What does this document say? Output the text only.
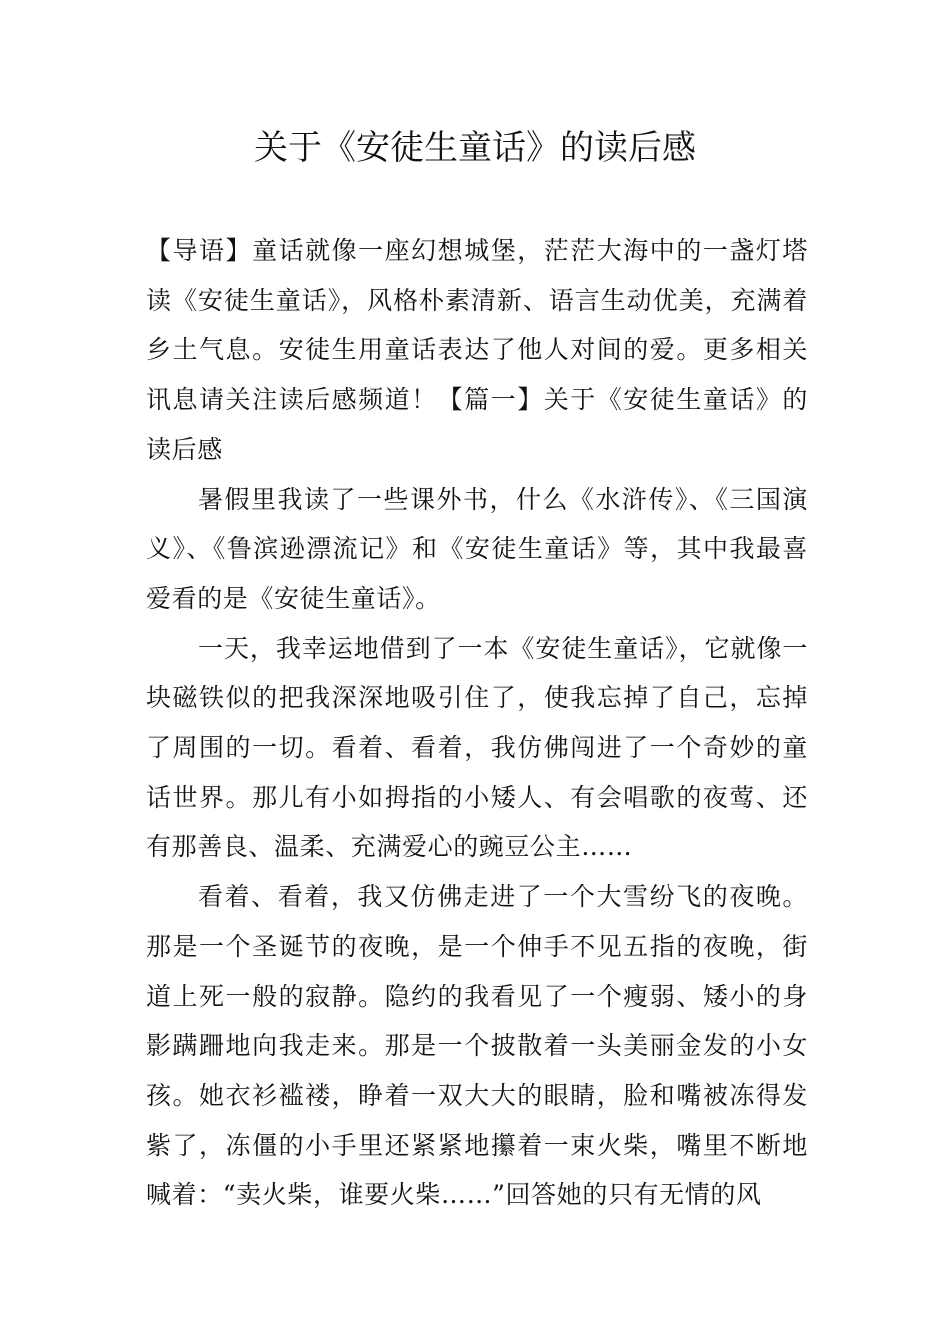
关于《安徒生童话》的读后感

【导语】童话就像一座幻想城堡，茫茫大海中的一盏灯塔读《安徒生童话》，风格朴素清新、语言生动优美，充满着乡土气息。安徒生用童话表达了他人对间的爱。更多相关讯息请关注读后感频道！【篇一】关于《安徒生童话》的读后感

暑假里我读了一些课外书，什么《水浒传》、《三国演义》、《鲁滨逊漂流记》和《安徒生童话》等，其中我最喜爱看的是《安徒生童话》。

一天，我幸运地借到了一本《安徒生童话》，它就像一块磁铁似的把我深深地吸引住了，使我忘掉了自己，忘掉了周围的一切。看着、看着，我仿佛闯进了一个奇妙的童话世界。那儿有小如拇指的小矮人、有会唱歌的夜莺、还有那善良、温柔、充满爱心的豌豆公主……

看着、看着，我又仿佛走进了一个大雪纷飞的夜晚。那是一个圣诞节的夜晚，是一个伸手不见五指的夜晚，街道上死一般的寂静。隐约的我看见了一个瘦弱、矮小的身影蹒跚地向我走来。那是一个披散着一头美丽金发的小女孩。她衣衫褴褛，睁着一双大大的眼睛，脸和嘴被冻得发紫了，冻僵的小手里还紧紧地攥着一束火柴，嘴里不断地喊着：“卖火柴，谁要火柴……”回答她的只有无情的风
